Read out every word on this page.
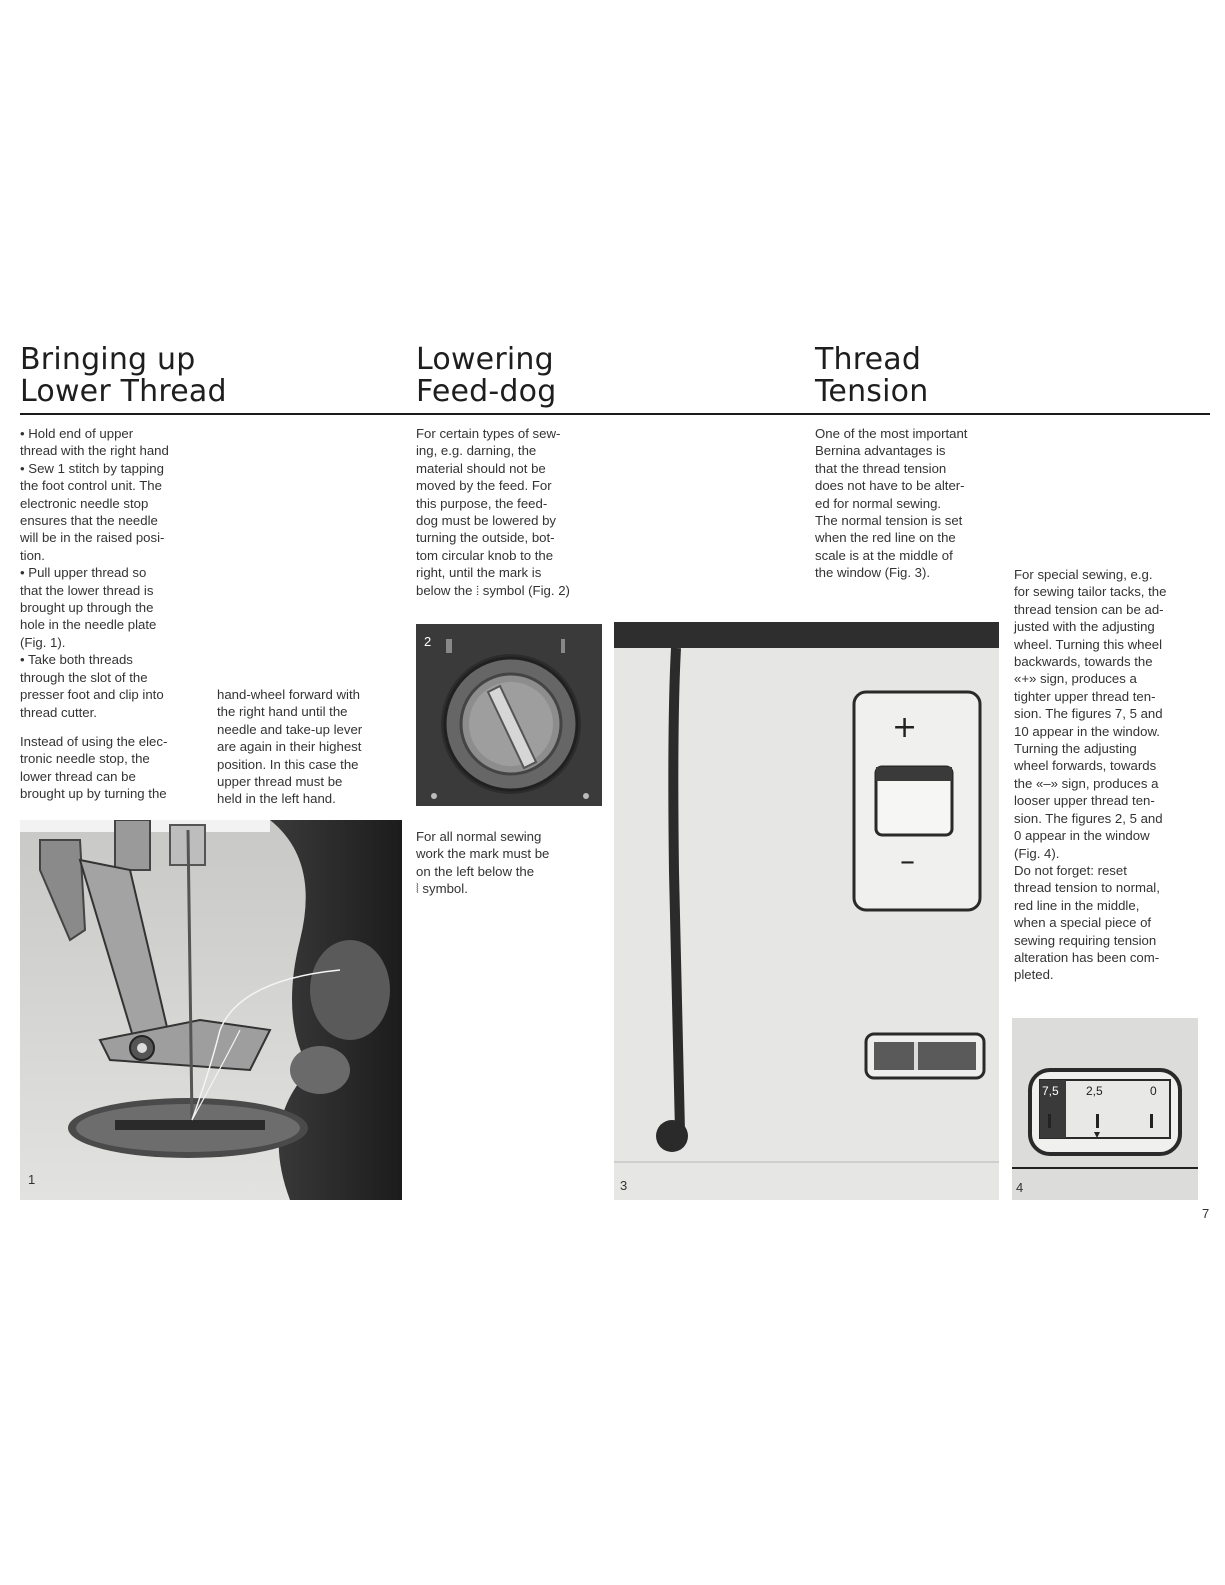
Bringing up
Lower Thread
Lowering
Feed-dog
Thread
Tension

• Hold end of upper

thread with the right hand

• Sew 1 stitch by tapping

the foot control unit. The

electronic needle stop

ensures that the needle

will be in the raised posi-

tion.

• Pull upper thread so

that the lower thread is

brought up through the

hole in the needle plate

(Fig. 1).

• Take both threads

through the slot of the

presser foot and clip into

thread cutter.

Instead of using the elec-

tronic needle stop, the

lower thread can be

brought up by turning the

hand-wheel forward with

the right hand until the

needle and take-up lever

are again in their highest

position. In this case the

upper thread must be

held in the left hand.

1

For certain types of sew-

ing, e.g. darning, the

material should not be

moved by the feed. For

this purpose, the feed-

dog must be lowered by

turning the outside, bot-

tom circular knob to the

right, until the mark is

below the ⦙ symbol (Fig. 2)

2

For all normal sewing

work the mark must be

on the left below the

⦚ symbol.

One of the most important

Bernina advantages is

that the thread tension

does not have to be alter-

ed for normal sewing.

The normal tension is set

when the red line on the

scale is at the middle of

the window (Fig. 3).

+
–
3

For special sewing, e.g.

for sewing tailor tacks, the

thread tension can be ad-

justed with the adjusting

wheel. Turning this wheel

backwards, towards the

«+» sign, produces a

tighter upper thread ten-

sion. The figures 7, 5 and

10 appear in the window.

Turning the adjusting

wheel forwards, towards

the «–» sign, produces a

looser upper thread ten-

sion. The figures 2, 5 and

0 appear in the window

(Fig. 4).

Do not forget: reset

thread tension to normal,

red line in the middle,

when a special piece of

sewing requiring tension

alteration has been com-

pleted.

7,5 2,5	0
4
7
